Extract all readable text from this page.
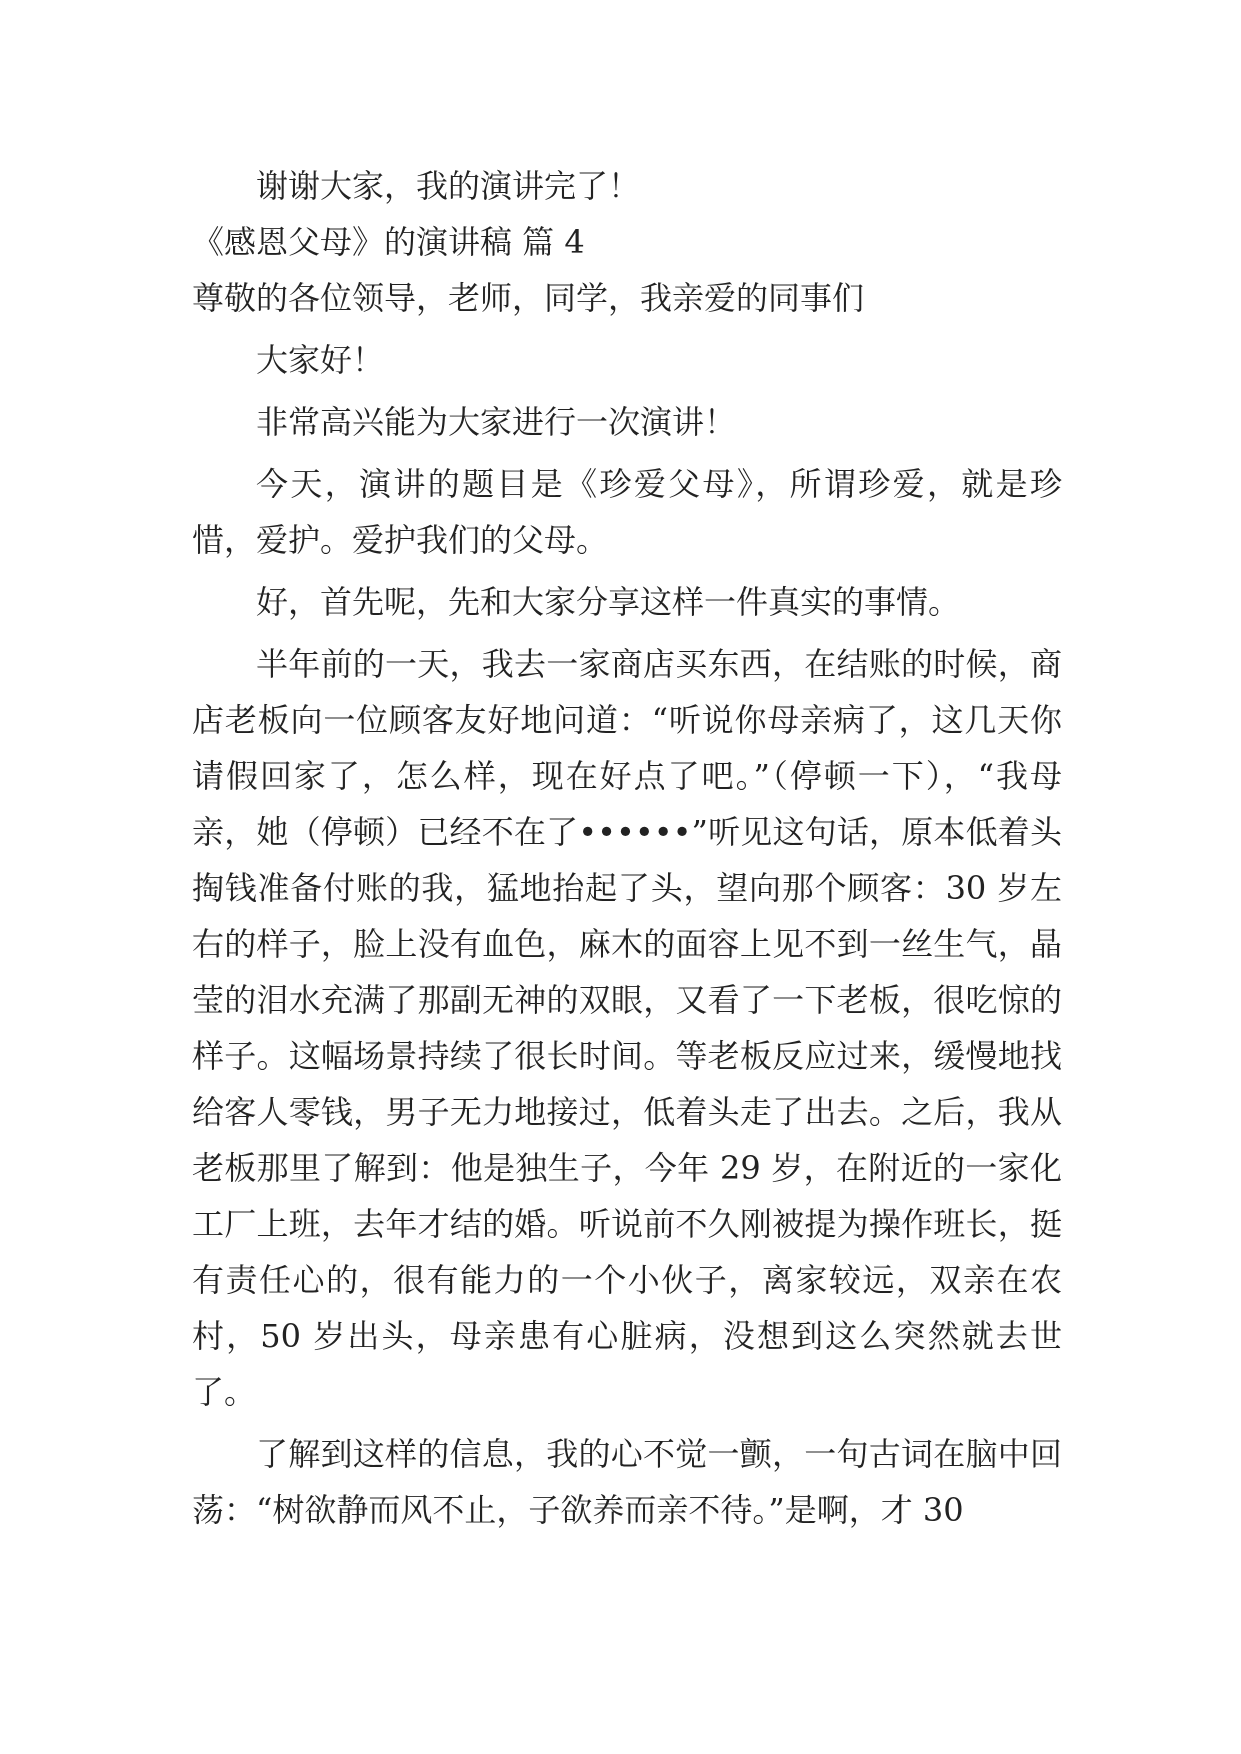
谢谢大家，我的演讲完了！

《感恩父母》的演讲稿 篇 4

尊敬的各位领导，老师，同学，我亲爱的同事们

大家好！

非常高兴能为大家进行一次演讲！

今天，演讲的题目是《珍爱父母》，所谓珍爱，就是珍惜，爱护。爱护我们的父母。

好，首先呢，先和大家分享这样一件真实的事情。

半年前的一天，我去一家商店买东西，在结账的时候，商店老板向一位顾客友好地问道：“听说你母亲病了，这几天你请假回家了，怎么样，现在好点了吧。”（停顿一下），“我母亲，她（停顿）已经不在了••••••”听见这句话，原本低着头掏钱准备付账的我，猛地抬起了头，望向那个顾客：30 岁左右的样子，脸上没有血色，麻木的面容上见不到一丝生气，晶莹的泪水充满了那副无神的双眼，又看了一下老板，很吃惊的样子。这幅场景持续了很长时间。等老板反应过来，缓慢地找给客人零钱，男子无力地接过，低着头走了出去。之后，我从老板那里了解到：他是独生子，今年 29 岁，在附近的一家化工厂上班，去年才结的婚。听说前不久刚被提为操作班长，挺有责任心的，很有能力的一个小伙子，离家较远，双亲在农村，50 岁出头，母亲患有心脏病，没想到这么突然就去世了。

了解到这样的信息，我的心不觉一颤，一句古词在脑中回荡：“树欲静而风不止，子欲养而亲不待。”是啊，才 30
